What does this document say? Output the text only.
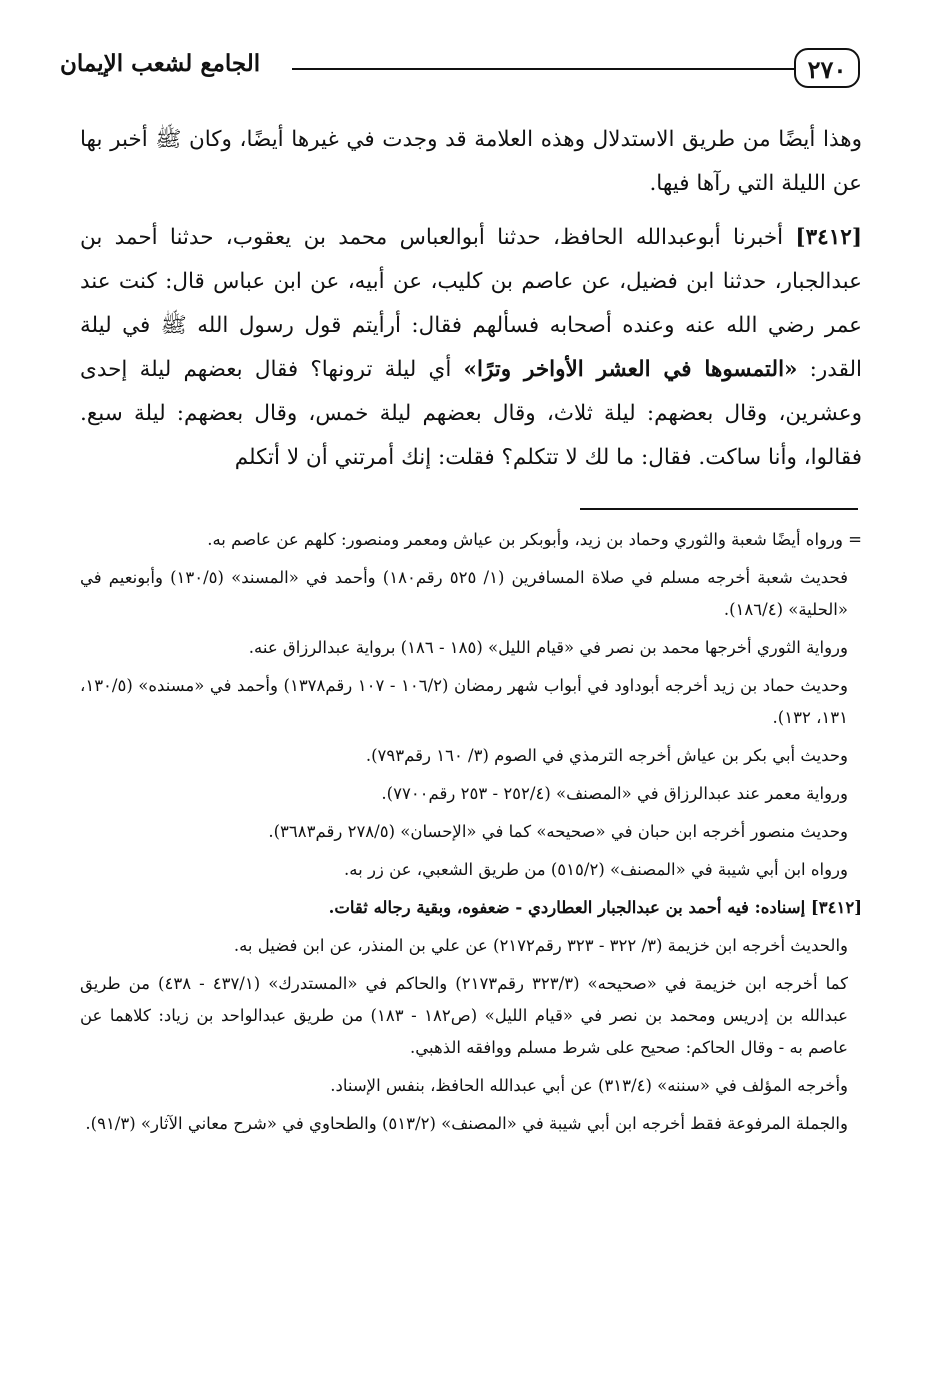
٢٧٠
الجامع لشعب الإيمان

وهذا أيضًا من طريق الاستدلال وهذه العلامة قد وجدت في غيرها أيضًا، وكان ﷺ أخبر بها عن الليلة التي رآها فيها.

[٣٤١٢] أخبرنا أبوعبدالله الحافظ، حدثنا أبوالعباس محمد بن يعقوب، حدثنا أحمد بن عبدالجبار، حدثنا ابن فضيل، عن عاصم بن كليب، عن أبيه، عن ابن عباس قال: كنت عند عمر رضي الله عنه وعنده أصحابه فسألهم فقال: أرأيتم قول رسول الله ﷺ في ليلة القدر: «التمسوها في العشر الأواخر وترًا» أي ليلة ترونها؟ فقال بعضهم ليلة إحدى وعشرين، وقال بعضهم: ليلة ثلاث، وقال بعضهم ليلة خمس، وقال بعضهم: ليلة سبع. فقالوا، وأنا ساكت. فقال: ما لك لا تتكلم؟ فقلت: إنك أمرتني أن لا أتكلم

= ورواه أيضًا شعبة والثوري وحماد بن زيد، وأبوبكر بن عياش ومعمر ومنصور: كلهم عن عاصم به.

فحديث شعبة أخرجه مسلم في صلاة المسافرين (١/ ٥٢٥ رقم١٨٠) وأحمد في «المسند» (١٣٠/٥) وأبونعيم في «الحلية» (١٨٦/٤).

ورواية الثوري أخرجها محمد بن نصر في «قيام الليل» (١٨٥ - ١٨٦) برواية عبدالرزاق عنه.

وحديث حماد بن زيد أخرجه أبوداود في أبواب شهر رمضان (١٠٦/٢ - ١٠٧ رقم١٣٧٨) وأحمد في «مسنده» (١٣٠/٥، ١٣١، ١٣٢).

وحديث أبي بكر بن عياش أخرجه الترمذي في الصوم (٣/ ١٦٠ رقم٧٩٣).

ورواية معمر عند عبدالرزاق في «المصنف» (٢٥٢/٤ - ٢٥٣ رقم٧٧٠٠).

وحديث منصور أخرجه ابن حبان في «صحيحه» كما في «الإحسان» (٢٧٨/٥ رقم٣٦٨٣).

ورواه ابن أبي شيبة في «المصنف» (٥١٥/٢) من طريق الشعبي، عن زر به.

[٣٤١٢] إسناده: فيه أحمد بن عبدالجبار العطاردي - ضعفوه، وبقية رجاله ثقات.

والحديث أخرجه ابن خزيمة (٣/ ٣٢٢ - ٣٢٣ رقم٢١٧٢) عن علي بن المنذر، عن ابن فضيل به.

كما أخرجه ابن خزيمة في «صحيحه» (٣٢٣/٣ رقم٢١٧٣) والحاكم في «المستدرك» (٤٣٧/١ - ٤٣٨) من طريق عبدالله بن إدريس ومحمد بن نصر في «قيام الليل» (ص١٨٢ - ١٨٣) من طريق عبدالواحد بن زياد: كلاهما عن عاصم به - وقال الحاكم: صحيح على شرط مسلم ووافقه الذهبي.

وأخرجه المؤلف في «سننه» (٣١٣/٤) عن أبي عبدالله الحافظ، بنفس الإسناد.

والجملة المرفوعة فقط أخرجه ابن أبي شيبة في «المصنف» (٥١٣/٢) والطحاوي في «شرح معاني الآثار» (٩١/٣).
